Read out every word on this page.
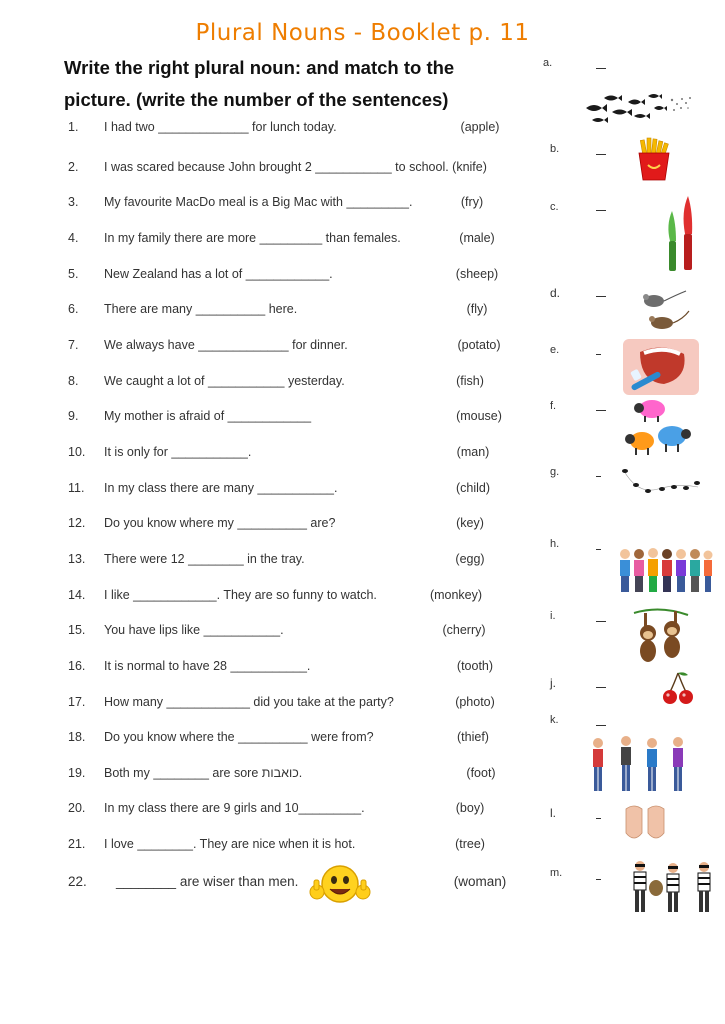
Plural Nouns - Booklet p. 11
Write the right plural noun: and match to the
picture. (write the number of the sentences)
1. I had two _____________ for lunch today.	(apple)
2. I was scared because John brought 2 ___________ to school. (knife)
3. My favourite MacDo meal is a Big Mac with _________.	(fry)
4. In my family there are more _________ than females.	(male)
5. New Zealand has a lot of ____________.	(sheep)
6. There are many __________ here.	(fly)
7. We always have _____________ for dinner.	(potato)
8. We caught a lot of ___________ yesterday.	(fish)
9. My mother is afraid of ____________	(mouse)
10. It is only for ___________.	(man)
11. In my class there are many ___________.	(child)
12. Do you know where my __________ are?	(key)
13. There were 12 ________ in the tray.	(egg)
14. I like ____________. They are so funny to watch.	(monkey)
15. You have lips like ___________.	(cherry)
16. It is normal to have 28 ___________.	(tooth)
17. How many ____________ did you take at the party?	(photo)
18. Do you know where the __________ were from?	(thief)
19. Both my ________ are sore כואבות.	(foot)
20. In my class there are 9 girls and 10_________.	(boy)
21. I love ________. They are nice when it is hot.	(tree)
22. ________ are wiser than men.	(woman)
a.
b.
c.
d.
e.
f.
g.
h.
i.
j.
k.
l.
m.
